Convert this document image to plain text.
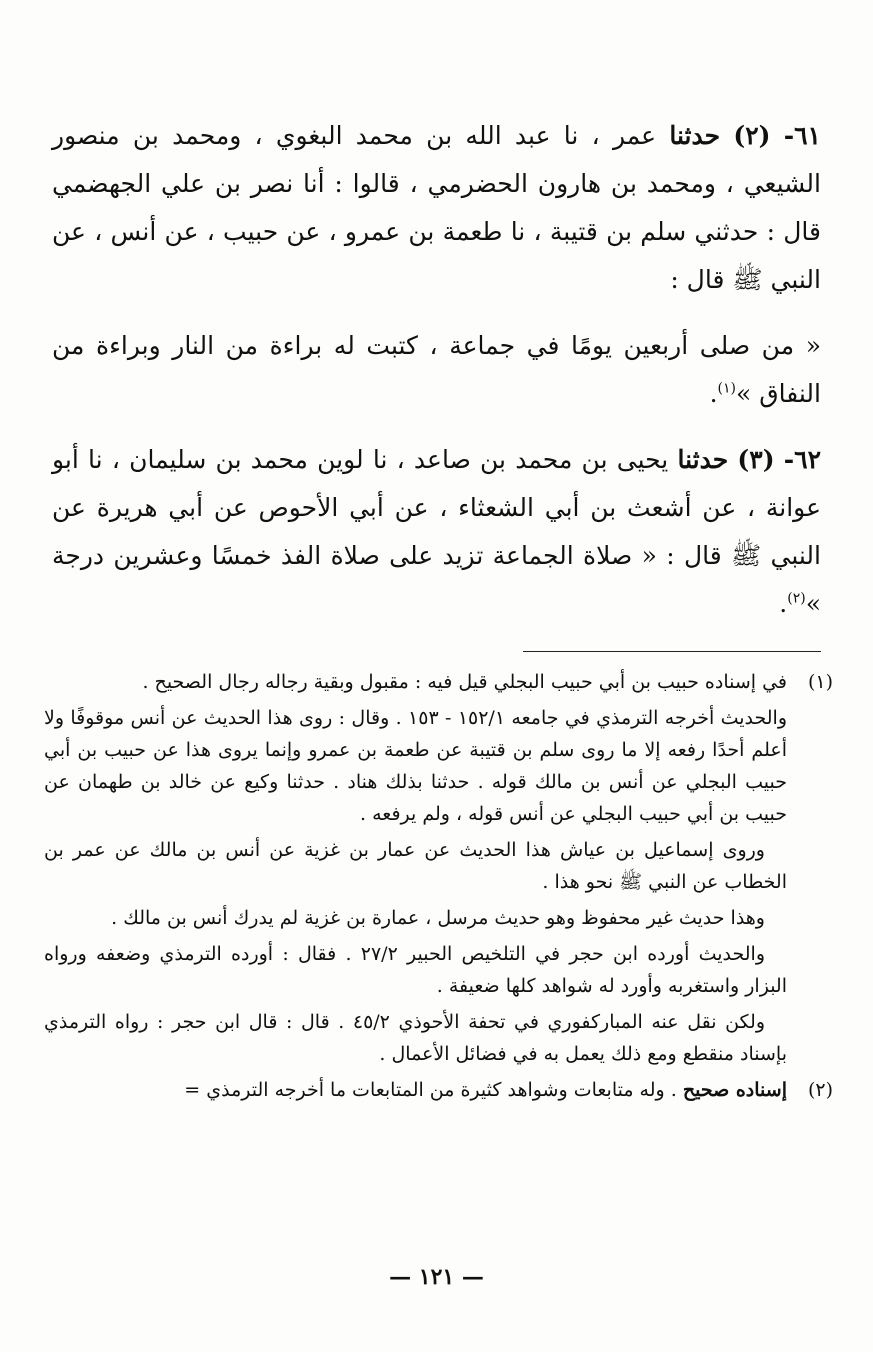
٦١- (٢) حدثنا عمر ، نا عبد الله بن محمد البغوي ، ومحمد بن منصور الشيعي ، ومحمد بن هارون الحضرمي ، قالوا : أنا نصر بن علي الجهضمي قال : حدثني سلم بن قتيبة ، نا طعمة بن عمرو ، عن حبيب ، عن أنس ، عن النبي ﷺ قال :

« من صلى أربعين يومًا في جماعة ، كتبت له براءة من النار وبراءة من النفاق »$^{(١)}$.

٦٢- (٣) حدثنا يحيى بن محمد بن صاعد ، نا لوين محمد بن سليمان ، نا أبو عوانة ، عن أشعث بن أبي الشعثاء ، عن أبي الأحوص عن أبي هريرة عن النبي ﷺ قال : « صلاة الجماعة تزيد على صلاة الفذ خمسًا وعشرين درجة »$^{(٢)}$.

(١)

في إسناده حبيب بن أبي حبيب البجلي قيل فيه : مقبول وبقية رجاله رجال الصحيح .

والحديث أخرجه الترمذي في جامعه ١٥٢/١ - ١٥٣ . وقال : روى هذا الحديث عن أنس موقوفًا ولا أعلم أحدًا رفعه إلا ما روى سلم بن قتيبة عن طعمة بن عمرو وإنما يروى هذا عن حبيب بن أبي حبيب البجلي عن أنس بن مالك قوله . حدثنا بذلك هناد . حدثنا وكيع عن خالد بن طهمان عن حبيب بن أبي حبيب البجلي عن أنس قوله ، ولم يرفعه .

وروى إسماعيل بن عياش هذا الحديث عن عمار بن غزية عن أنس بن مالك عن عمر بن الخطاب عن النبي ﷺ نحو هذا .

وهذا حديث غير محفوظ وهو حديث مرسل ، عمارة بن غزية لم يدرك أنس بن مالك .

والحديث أورده ابن حجر في التلخيص الحبير ٢٧/٢ . فقال : أورده الترمذي وضعفه ورواه البزار واستغربه وأورد له شواهد كلها ضعيفة .

ولكن نقل عنه المباركفوري في تحفة الأحوذي ٤٥/٢ . قال : قال ابن حجر : رواه الترمذي بإسناد منقطع ومع ذلك يعمل به في فضائل الأعمال .

(٢)

إسناده صحيح . وله متابعات وشواهد كثيرة من المتابعات ما أخرجه الترمذي =

— ١٢١ —
